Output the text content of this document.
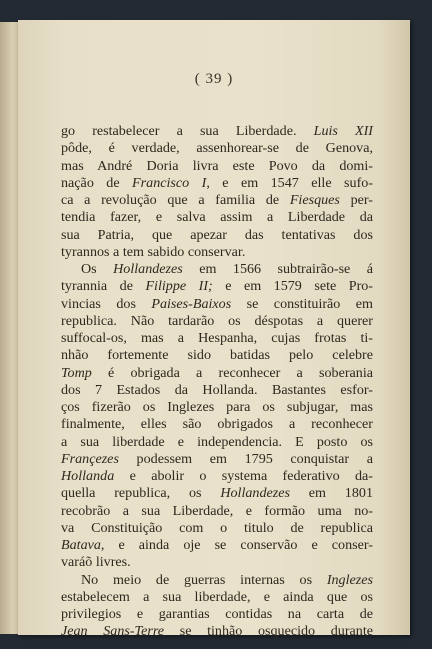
( 39 )
go restabelecer a sua Liberdade. Luis XII
pôde, é verdade, assenhorear-se de Genova,
mas André Doria livra este Povo da domi-
nação de Francisco I, e em 1547 elle sufo-
ca a revolução que a familia de Fiesques per-
tendia fazer, e salva assim a Liberdade da
sua Patria, que apezar das tentativas dos
tyrannos a tem sabido conservar.
Os Hollandezes em 1566 subtrairão-se á
tyrannia de Filippe II; e em 1579 sete Pro-
vincias dos Paises-Baixos se constituirão em
republica. Não tardarão os déspotas a querer
suffocal-os, mas a Hespanha, cujas frotas ti-
nhão fortemente sido batidas pelo celebre
Tomp é obrigada a reconhecer a soberania
dos 7 Estados da Hollanda. Bastantes esfor-
ços fizerão os Inglezes para os subjugar, mas
finalmente, elles são obrigados a reconhecer
a sua liberdade e independencia. E posto os
Françezes podessem em 1795 conquistar a
Hollanda e abolir o systema federativo da-
quella republica, os Hollandezes em 1801
recobrão a sua Liberdade, e formão uma no-
va Constituição com o titulo de republica
Batava, e ainda oje se conservão e conser-
varáõ livres.
No meio de guerras internas os Inglezes
estabelecem a sua liberdade, e ainda que os
privilegios e garantias contidas na carta de
Jean Sans-Terre se tinhão osquecido durante
